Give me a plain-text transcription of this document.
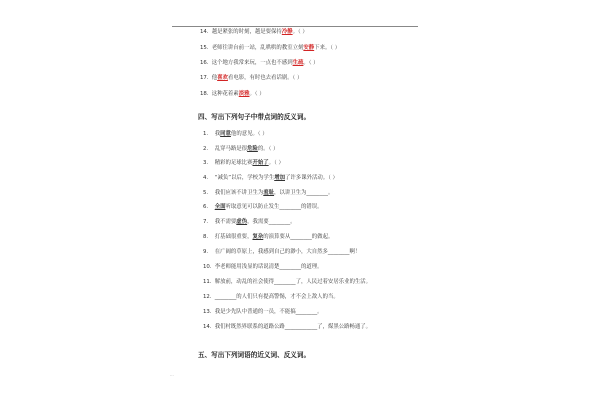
14. 越是紧张的时刻，越是要保持冷静。（ ）
15. 老师往讲台前一站，乱哄哄的教室立刻安静下来。（ ）
16. 这个地方我常来玩，一点也不感到生疏。（ ）
17. 他喜欢看电影，有时也去看话剧。（ ）
18. 这种花着素淡雅。（ ）
四、写出下列句子中带点词的反义词。
1. 我同意他的意见。（ ）
2. 乱穿马路是很危险的。（ ）
3. 精彩的足球比赛开始了。（ ）
4. “减负”以后，学校为学生增加了许多课外活动。（ ）
5. 我们应该不讲卫生为羞耻，以讲卫生为________。
6. 全面听取意见可以防止发生________的错误。
7. 我不需要虚伪，我需要________。
8. 打基础很重要，复杂的演算要从________的做起。
9. 在广阔的草原上，我感到自己的渺小，大自然多________啊！
10. 李老师能用浅显的话说清楚________的道理。
11. 解放前，动乱的社会使得________了，人民过着安居乐业的生活。
12. ________的人们只有提高警惕，才不会上敌人的当。
13. 我是少先队中普通的一员，不能搞________。
14. 我们村既然界联系的道路公路____________了，煤黑公路畅通了。
五、写出下列词语的近义词、反义词。
...
